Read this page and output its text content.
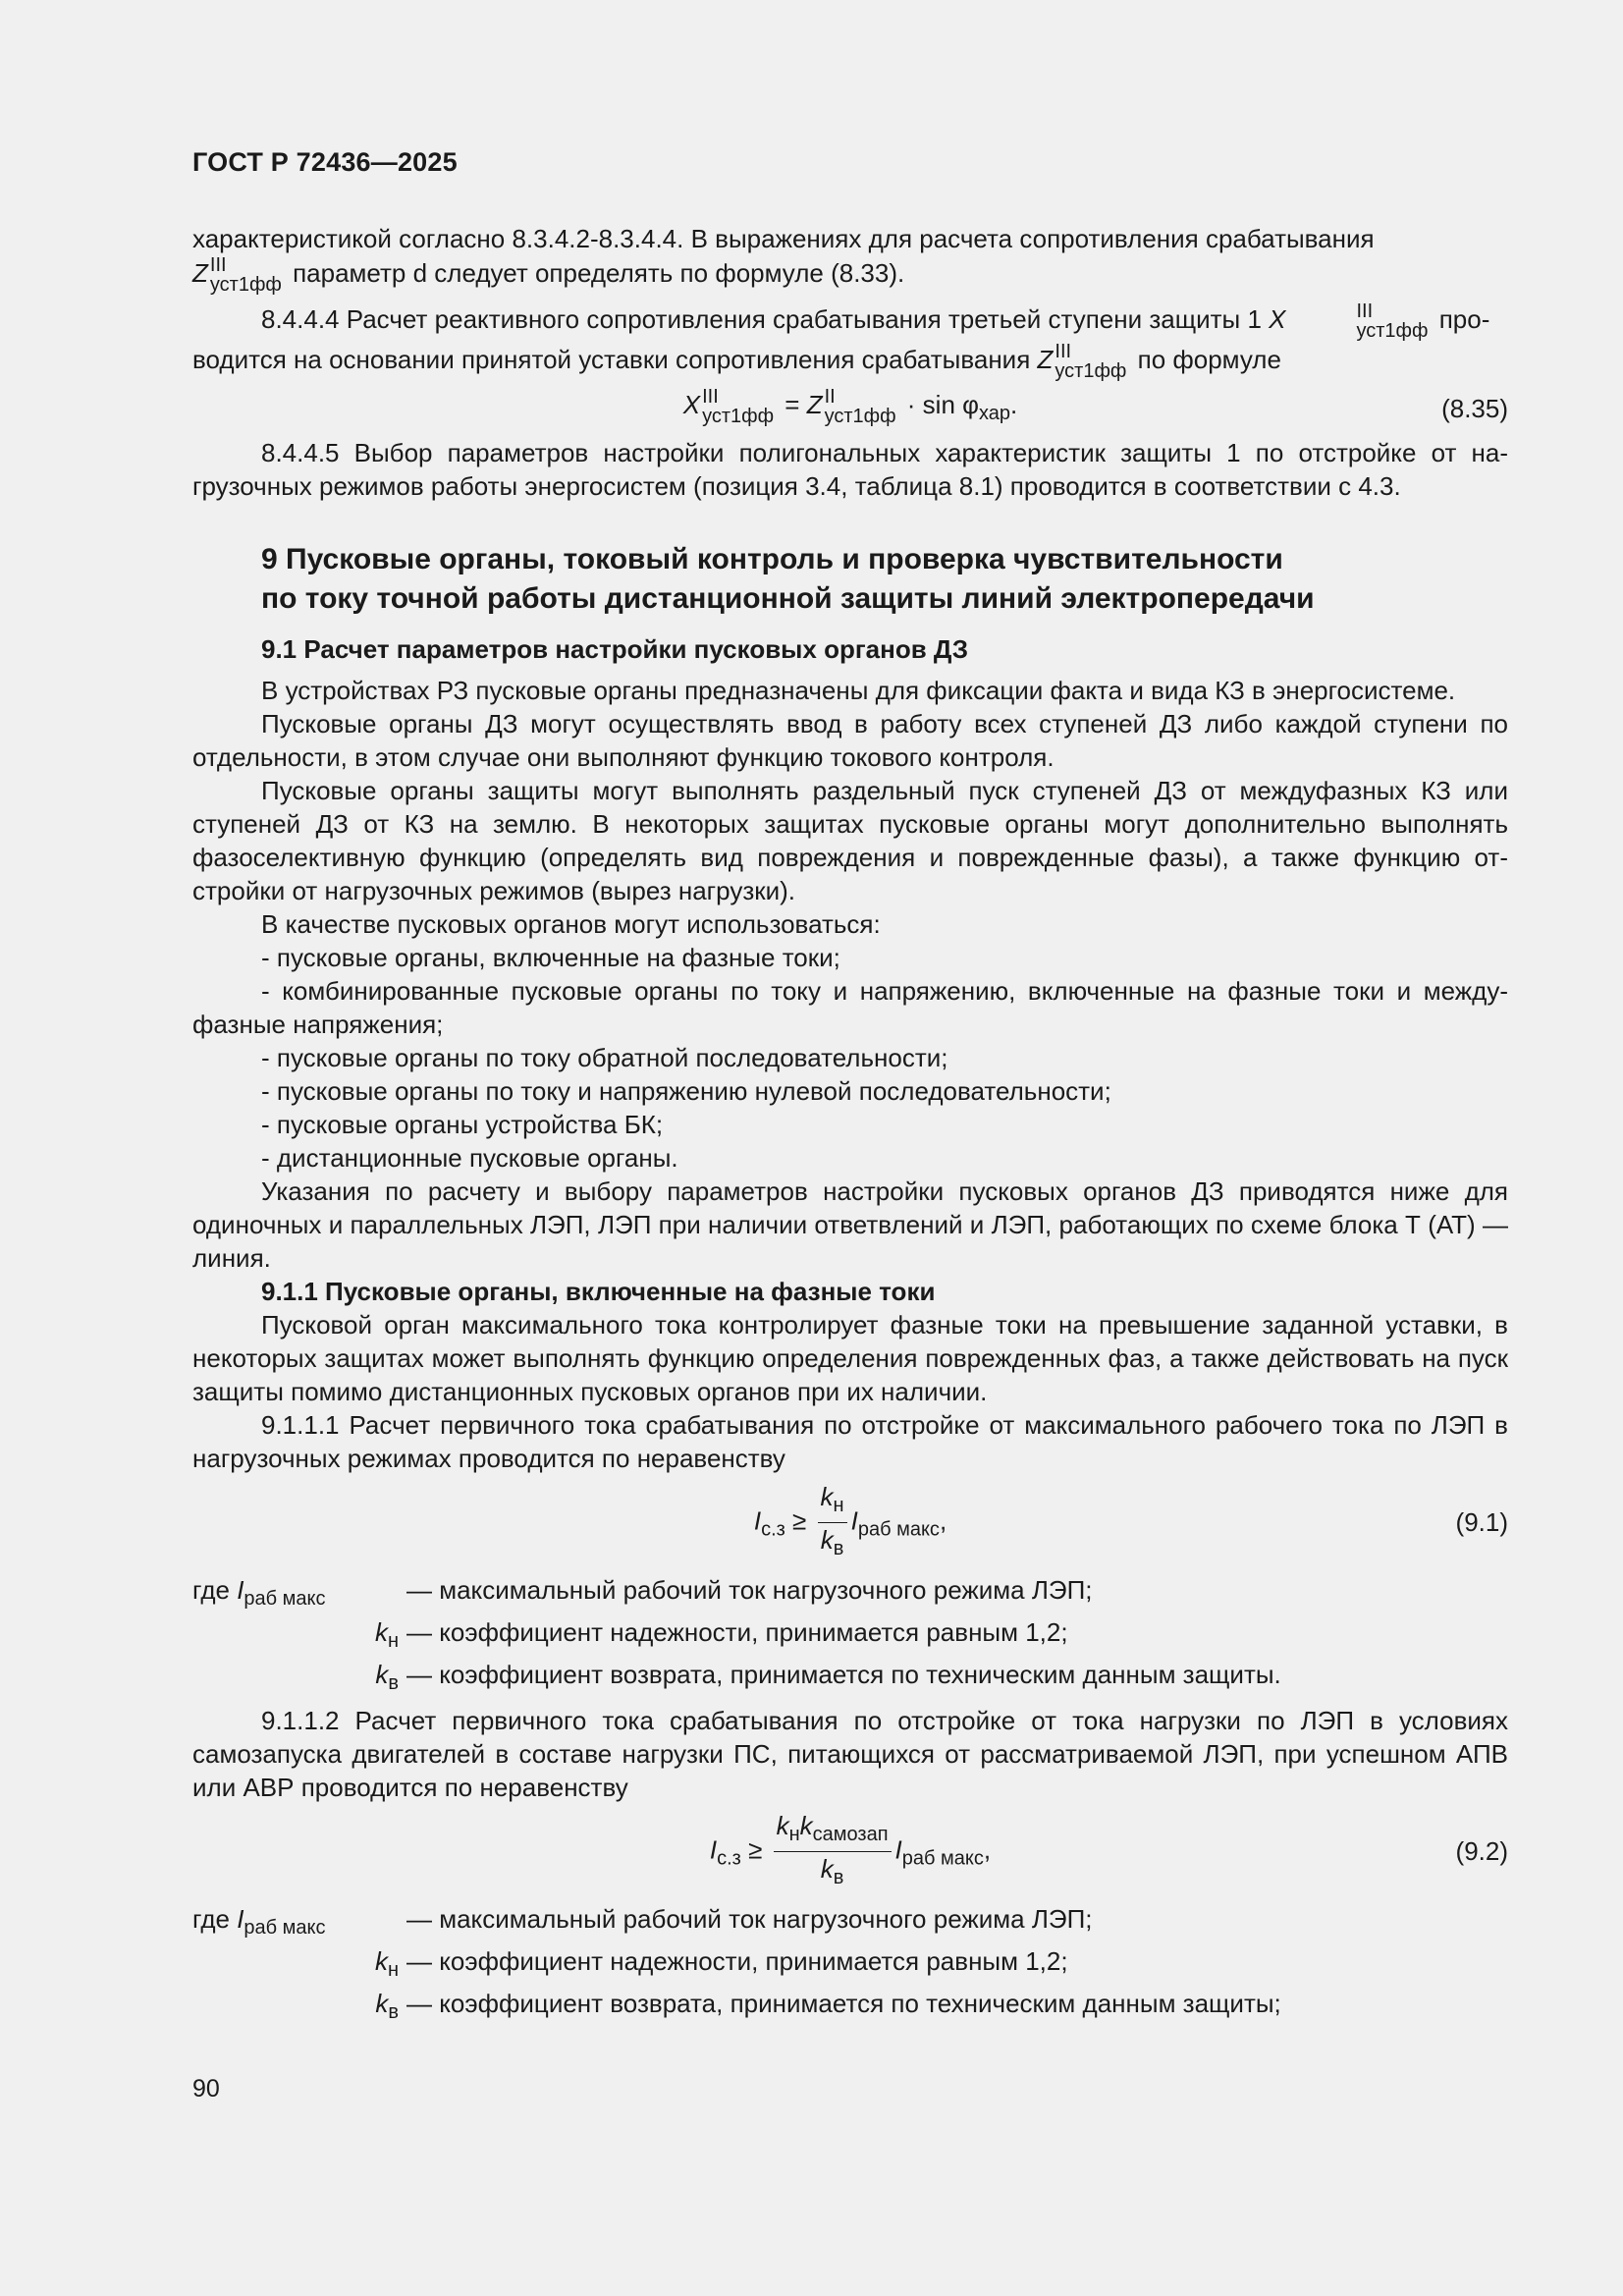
ГОСТ Р 72436—2025

характеристикой согласно 8.3.4.2-8.3.4.4. В выражениях для расчета сопротивления срабатывания
Z III
уст1фф параметр d следует определять по формуле (8.33).

8.4.4.4 Расчет реактивного сопротивления срабатывания третьей ступени защиты 1 X	III
уст1фф про-

водится на основании принятой уставки сопротивления срабатывания Z III
уст1фф по формуле

X III
уст1фф = Z II
$уст1фф \cdot \sin \varphi_{хар}$.	(8.35)

8.4.4.5 Выбор параметров настройки полигональных характеристик защиты 1 по отстройке от на-грузочных режимов работы энергосистем (позиция 3.4, таблица 8.1) проводится в соответствии с 4.3.

9 Пусковые органы, токовый контроль и проверка чувствительности
по току точной работы дистанционной защиты линий электропередачи
9.1 Расчет параметров настройки пусковых органов ДЗ

В устройствах РЗ пусковые органы предназначены для фиксации факта и вида КЗ в энергосистеме.

Пусковые органы ДЗ могут осуществлять ввод в работу всех ступеней ДЗ либо каждой ступени по отдельности, в этом случае они выполняют функцию токового контроля.

Пусковые органы защиты могут выполнять раздельный пуск ступеней ДЗ от междуфазных КЗ или ступеней ДЗ от КЗ на землю. В некоторых защитах пусковые органы могут дополнительно выполнять фазоселективную функцию (определять вид повреждения и поврежденные фазы), а также функцию от-стройки от нагрузочных режимов (вырез нагрузки).

В качестве пусковых органов могут использоваться:

- пусковые органы, включенные на фазные токи;

- комбинированные пусковые органы по току и напряжению, включенные на фазные токи и между-фазные напряжения;

- пусковые органы по току обратной последовательности;

- пусковые органы по току и напряжению нулевой последовательности;

- пусковые органы устройства БК;

- дистанционные пусковые органы.

Указания по расчету и выбору параметров настройки пусковых органов ДЗ приводятся ниже для одиночных и параллельных ЛЭП, ЛЭП при наличии ответвлений и ЛЭП, работающих по схеме блока Т (АТ) — линия.

9.1.1 Пусковые органы, включенные на фазные токи

Пусковой орган максимального тока контролирует фазные токи на превышение заданной уставки, в некоторых защитах может выполнять функцию определения поврежденных фаз, а также действовать на пуск защиты помимо дистанционных пусковых органов при их наличии.

9.1.1.1 Расчет первичного тока срабатывания по отстройке от максимального рабочего тока по ЛЭП в нагрузочных режимах проводится по неравенству

$I_{с.з} \ge \frac{k_н}{k_в} I_{раб макс}$,	(9.1)
где $I_{раб макс}$	— максимальный рабочий ток нагрузочного режима ЛЭП;
$k_н$ — коэффициент надежности, принимается равным 1,2;
$k_в$ — коэффициент возврата, принимается по техническим данным защиты.

9.1.1.2 Расчет первичного тока срабатывания по отстройке от тока нагрузки по ЛЭП в условиях самозапуска двигателей в составе нагрузки ПС, питающихся от рассматриваемой ЛЭП, при успешном АПВ или АВР проводится по неравенству

$I_{с.з} \ge \frac{k_нk_{самозап}}{k_в} I_{раб макс}$,	(9.2)
где $I_{раб макс}$	— максимальный рабочий ток нагрузочного режима ЛЭП;
$k_н$ — коэффициент надежности, принимается равным 1,2;
$k_в$ — коэффициент возврата, принимается по техническим данным защиты;
90
